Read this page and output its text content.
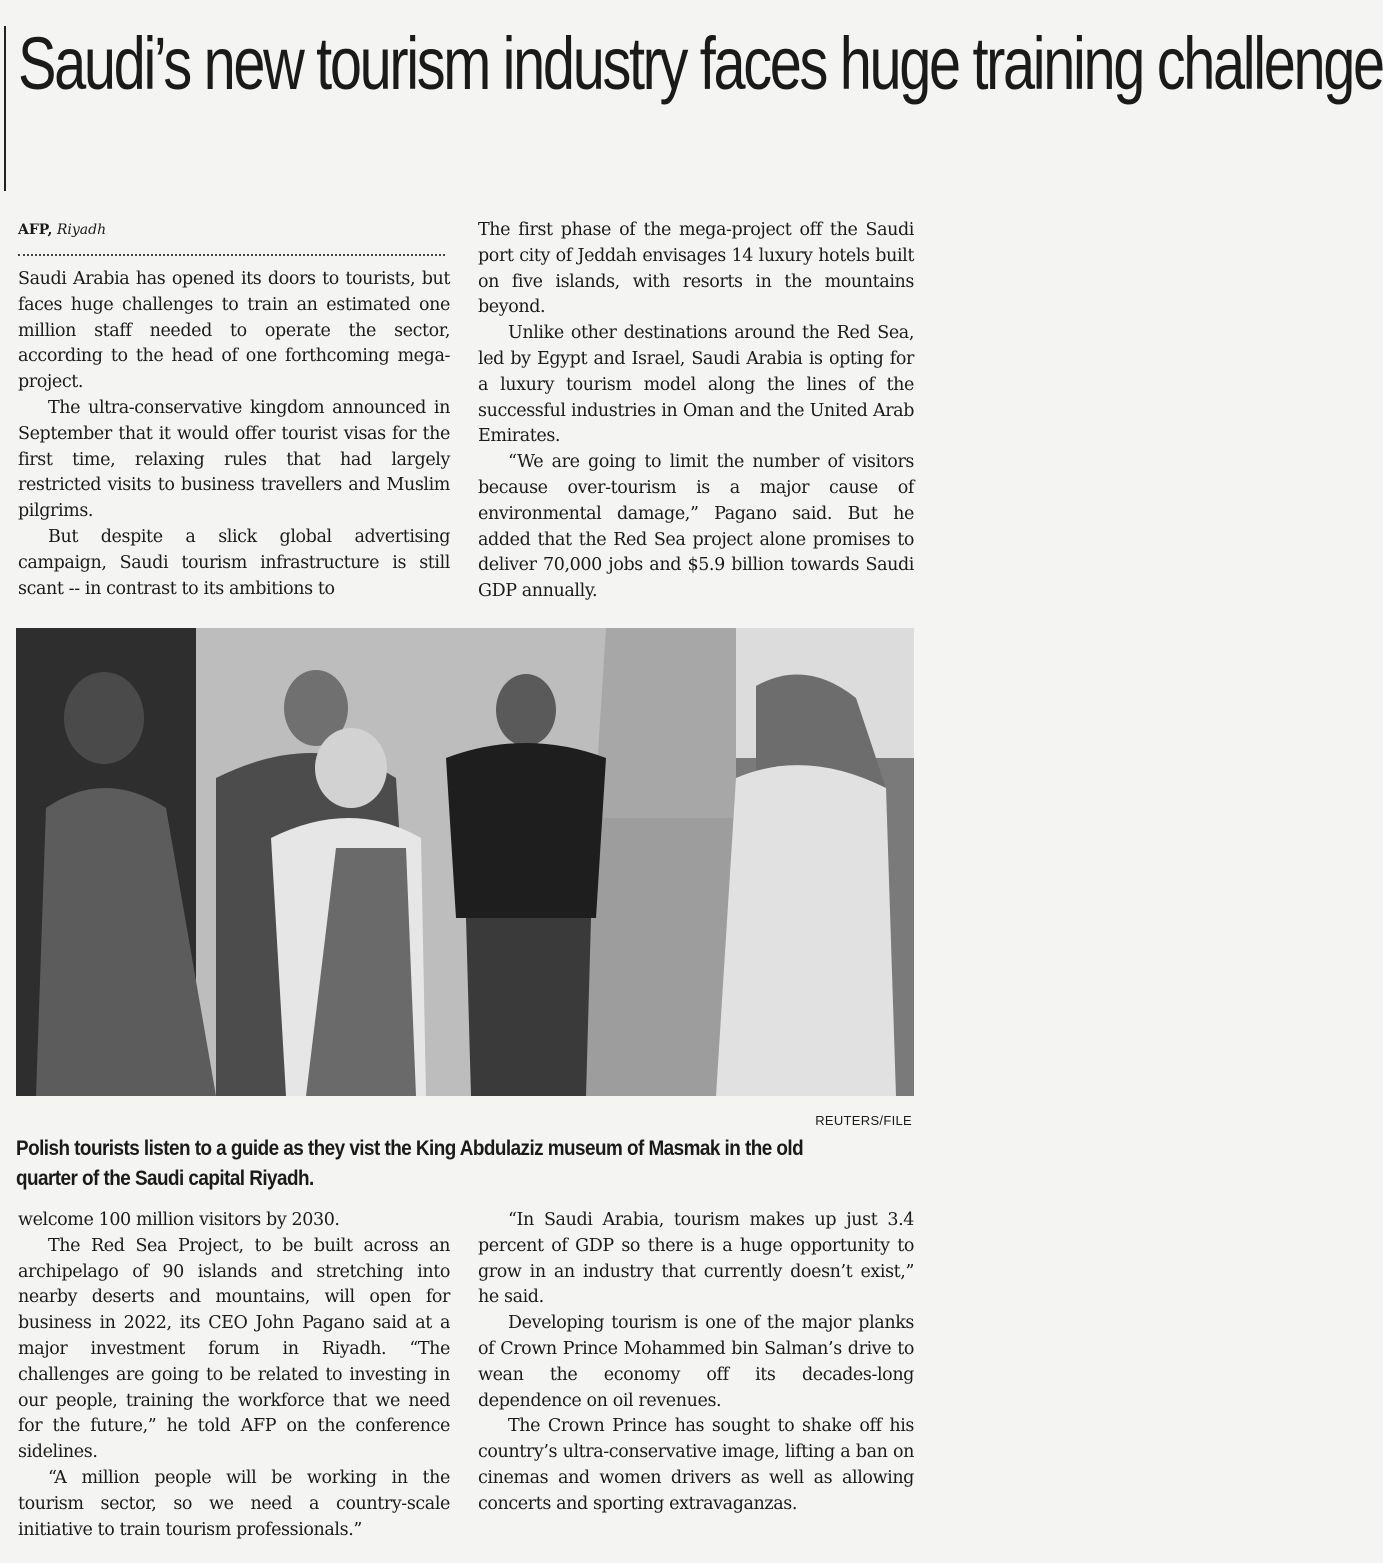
Saudi’s new tourism industry faces huge training challenge
AFP, Riyadh

Saudi Arabia has opened its doors to tourists, but faces huge challenges to train an estimated one million staff needed to operate the sector, according to the head of one forthcoming mega-project.

The ultra-conservative kingdom announced in September that it would offer tourist visas for the first time, relaxing rules that had largely restricted visits to business travellers and Muslim pilgrims.

But despite a slick global advertising campaign, Saudi tourism infrastructure is still scant -- in contrast to its ambitions to

The first phase of the mega-project off the Saudi port city of Jeddah envisages 14 luxury hotels built on five islands, with resorts in the mountains beyond.

Unlike other destinations around the Red Sea, led by Egypt and Israel, Saudi Arabia is opting for a luxury tourism model along the lines of the successful industries in Oman and the United Arab Emirates.

“We are going to limit the number of visitors because over-tourism is a major cause of environmental damage,” Pagano said. But he added that the Red Sea project alone promises to deliver 70,000 jobs and $5.9 billion towards Saudi GDP annually.

REUTERS/FILE

Polish tourists listen to a guide as they vist the King Abdulaziz museum of Masmak in the old quarter of the Saudi capital Riyadh.

welcome 100 million visitors by 2030.

The Red Sea Project, to be built across an archipelago of 90 islands and stretching into nearby deserts and mountains, will open for business in 2022, its CEO John Pagano said at a major investment forum in Riyadh. “The challenges are going to be related to investing in our people, training the workforce that we need for the future,” he told AFP on the conference sidelines.

“A million people will be working in the tourism sector, so we need a country-scale initiative to train tourism professionals.”

“In Saudi Arabia, tourism makes up just 3.4 percent of GDP so there is a huge opportunity to grow in an industry that currently doesn’t exist,” he said.

Developing tourism is one of the major planks of Crown Prince Mohammed bin Salman’s drive to wean the economy off its decades-long dependence on oil revenues.

The Crown Prince has sought to shake off his country’s ultra-conservative image, lifting a ban on cinemas and women drivers as well as allowing concerts and sporting extravaganzas.
